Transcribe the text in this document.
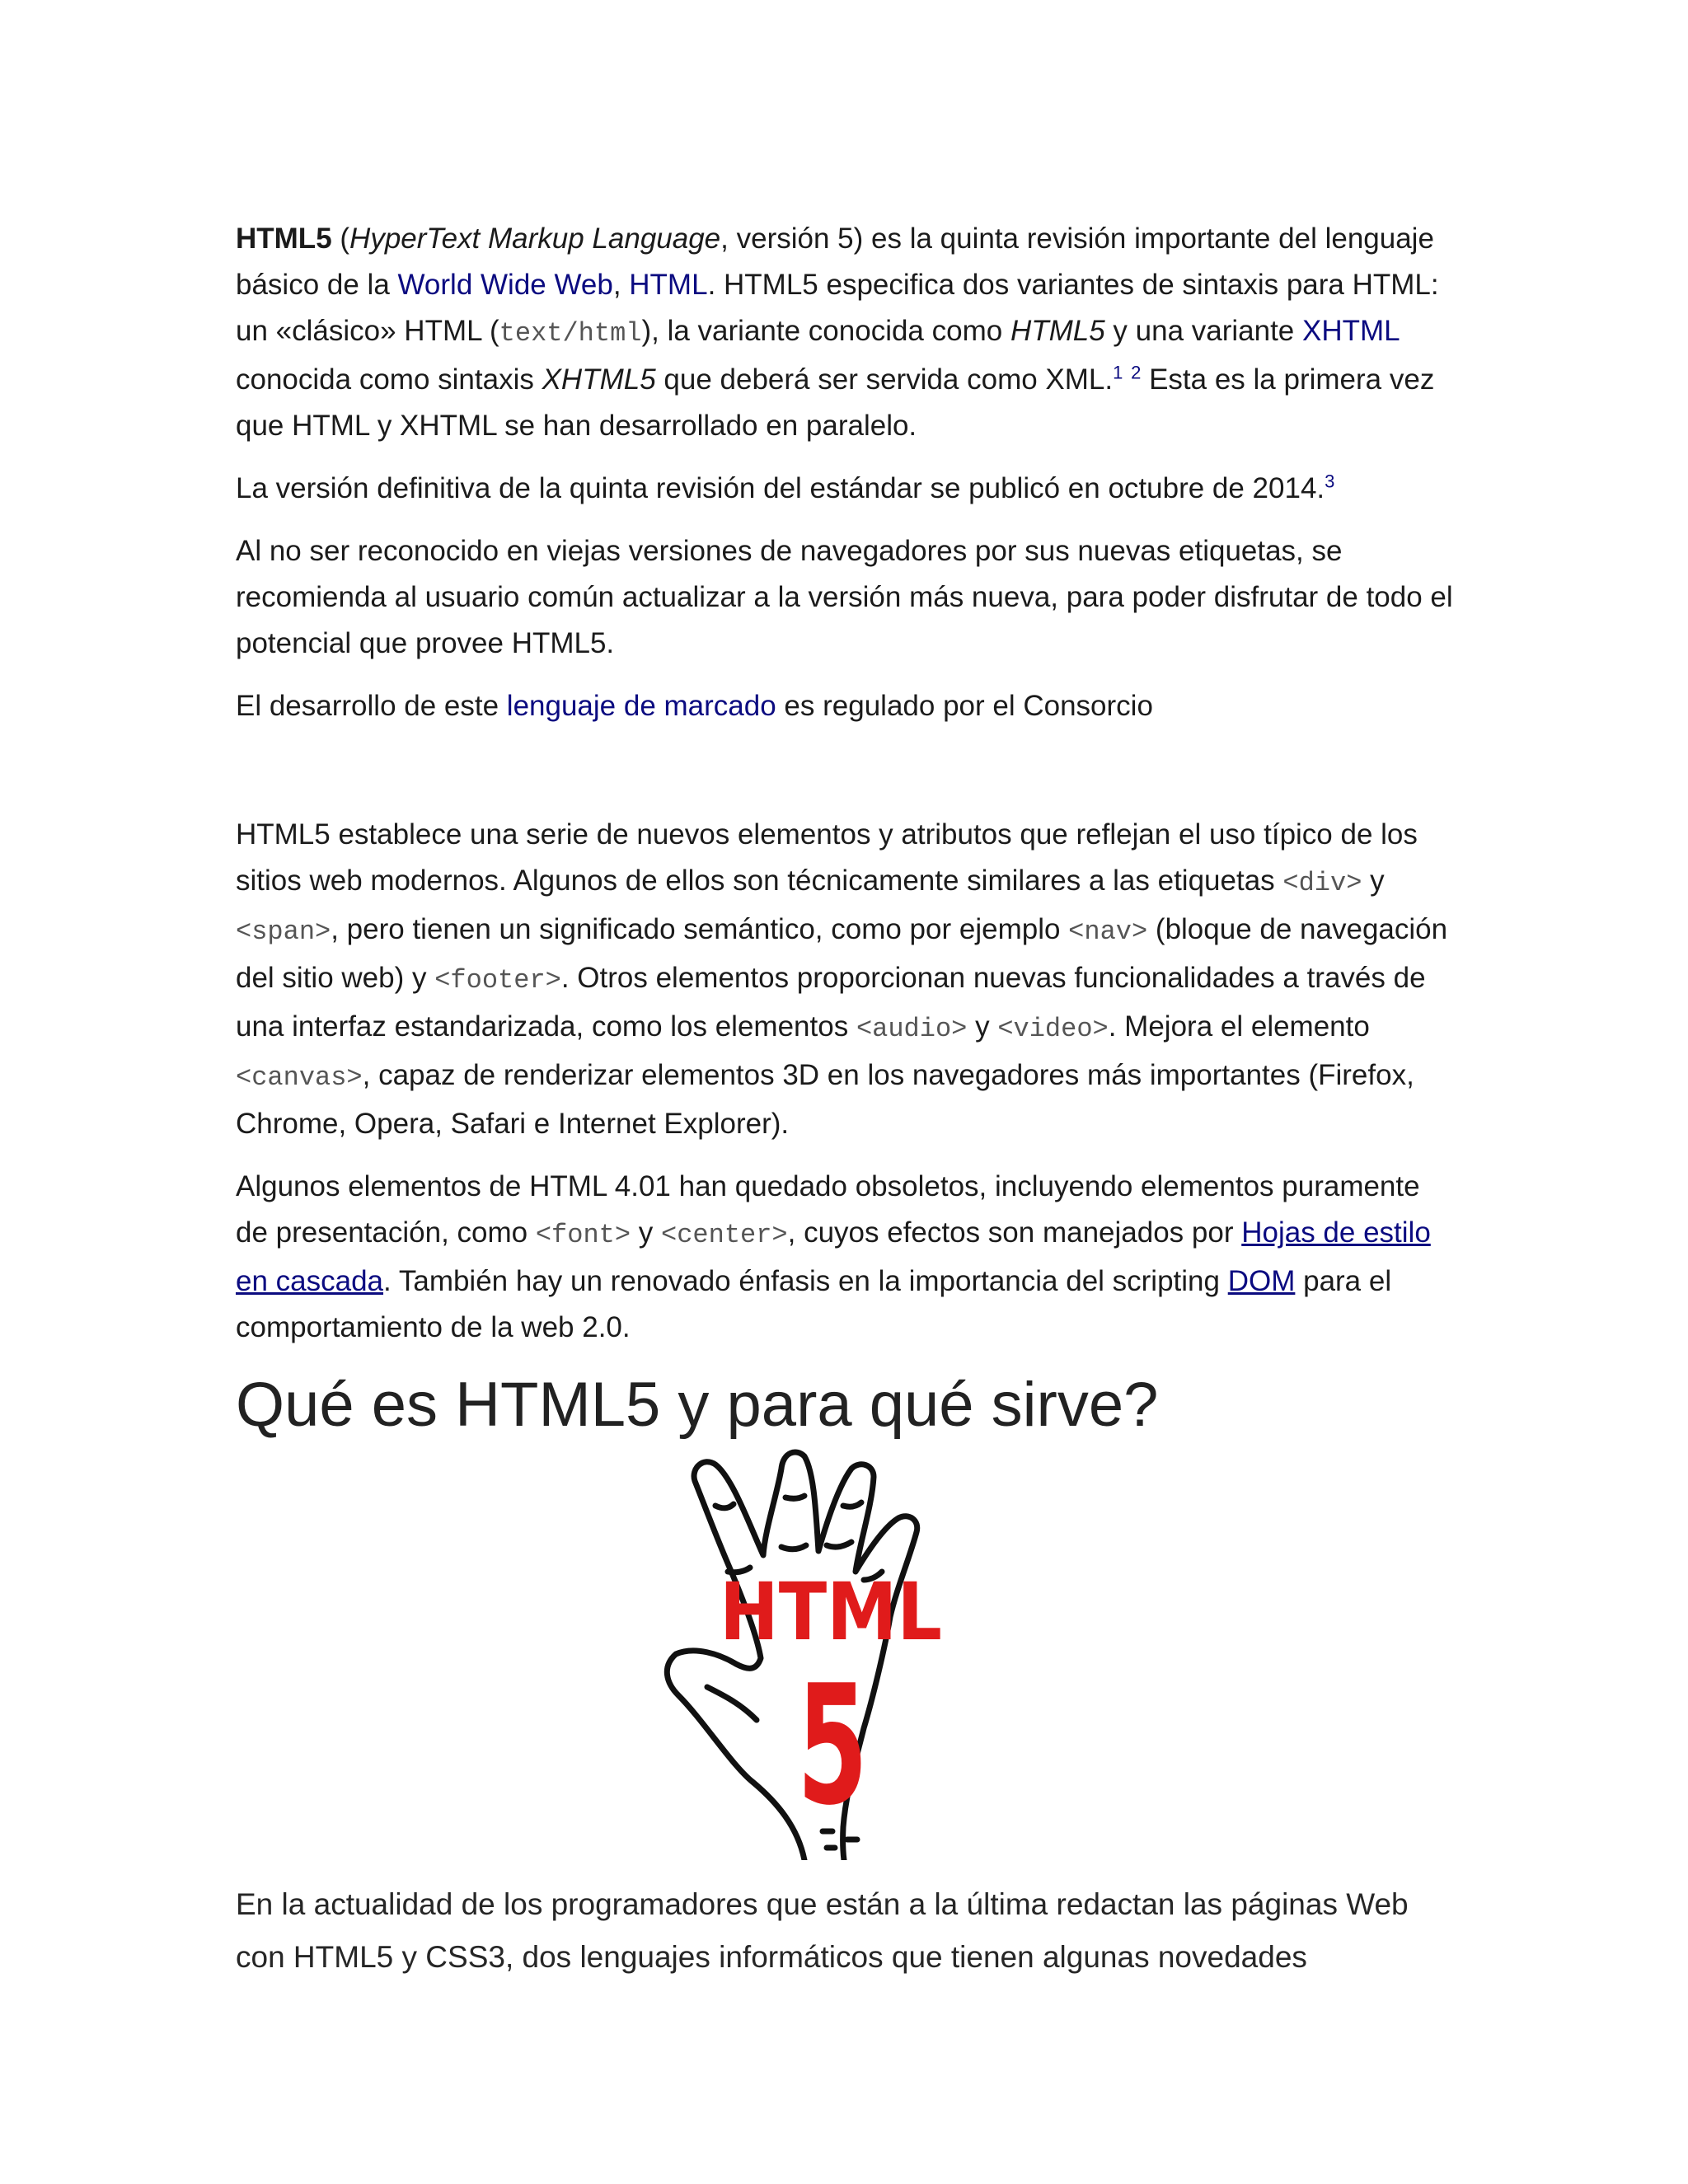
HTML5 (HyperText Markup Language, versión 5) es la quinta revisión importante del lenguaje básico de la World Wide Web, HTML. HTML5 especifica dos variantes de sintaxis para HTML: un «clásico» HTML (text/html), la variante conocida como HTML5 y una variante XHTML conocida como sintaxis XHTML5 que deberá ser servida como XML.$^1$ $^2$ Esta es la primera vez que HTML y XHTML se han desarrollado en paralelo.

La versión definitiva de la quinta revisión del estándar se publicó en octubre de 2014.$^3$

Al no ser reconocido en viejas versiones de navegadores por sus nuevas etiquetas, se recomienda al usuario común actualizar a la versión más nueva, para poder disfrutar de todo el potencial que provee HTML5.

El desarrollo de este lenguaje de marcado es regulado por el Consorcio

HTML5 establece una serie de nuevos elementos y atributos que reflejan el uso típico de los sitios web modernos. Algunos de ellos son técnicamente similares a las etiquetas <div> y <span>, pero tienen un significado semántico, como por ejemplo <nav> (bloque de navegación del sitio web) y <footer>. Otros elementos proporcionan nuevas funcionalidades a través de una interfaz estandarizada, como los elementos <audio> y <video>. Mejora el elemento <canvas>, capaz de renderizar elementos 3D en los navegadores más importantes (Firefox, Chrome, Opera, Safari e Internet Explorer).

Algunos elementos de HTML 4.01 han quedado obsoletos, incluyendo elementos puramente de presentación, como <font> y <center>, cuyos efectos son manejados por Hojas de estilo en cascada. También hay un renovado énfasis en la importancia del scripting DOM para el comportamiento de la web 2.0.

Qué es HTML5 y para qué sirve?
HTML
5

En la actualidad de los programadores que están a la última redactan las páginas Web con HTML5 y CSS3, dos lenguajes informáticos que tienen algunas novedades
